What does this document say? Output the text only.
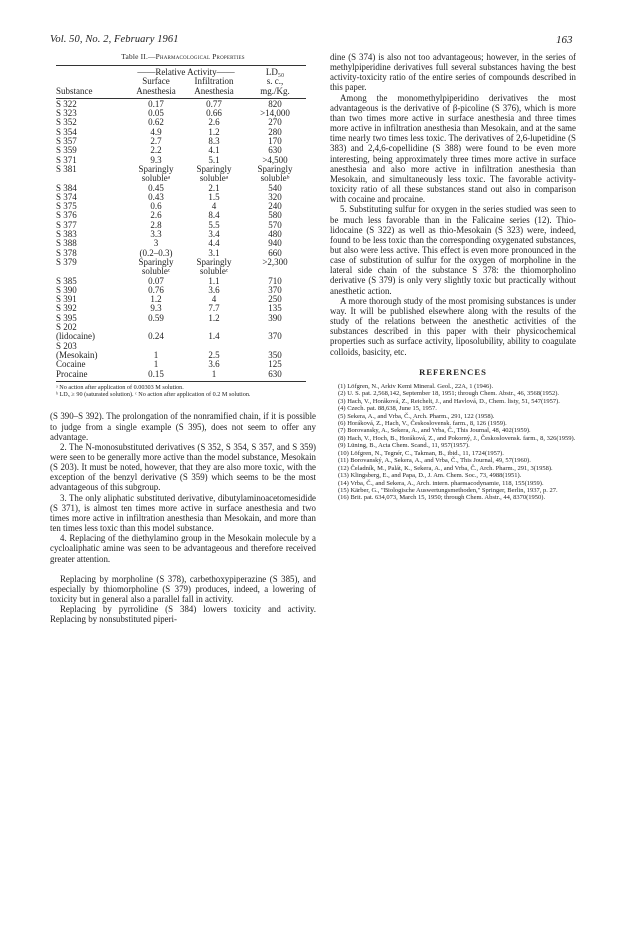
Vol. 50, No. 2, February 1961	163
Table II.—Pharmacological Properties
	——Relative Activity——		LD₅₀
	Surface	Infiltration	s. c.,
Substance	Anesthesia	Anesthesia	mg./Kg.
S 322	0.17	0.77	820
S 323	0.05	0.66	>14,000
S 352	0.62	2.6	270
S 354	4.9	1.2	280
S 357	2.7	8.3	170
S 359	2.2	4.1	630
S 371	9.3	5.1	>4,500
S 381	Sparingly	Sparingly	Sparingly
	solubleᵃ	solubleᵃ	solubleᵇ
S 384	0.45	2.1	540
S 374	0.43	1.5	320
S 375	0.6	4	240
S 376	2.6	8.4	580
S 377	2.8	5.5	570
S 383	3.3	3.4	480
S 388	3	4.4	940
S 378	(0.2–0.3)	3.1	660
S 379	Sparingly	Sparingly	>2,300
	solubleᶜ	solubleᶜ	
S 385	0.07	1.1	710
S 390	0.76	3.6	370
S 391	1.2	4	250
S 392	9.3	7.7	135
S 395	0.59	1.2	390
S 202			
(lidocaine)	0.24	1.4	370
S 203			
(Mesokain)	1	2.5	350
Cocaine	1	3.6	125
Procaine	0.15	1	630
ᵃ No action after application of 0.00303 M solution.
ᵇ LD₅ ≥ 90 (saturated solution). ᶜ No action after application of 0.2 M solution.

(S 390–S 392). The prolongation of the nonramified chain, if it is possible to judge from a single example (S 395), does not seem to offer any advantage.

2. The N-monosubstituted derivatives (S 352, S 354, S 357, and S 359) were seen to be generally more active than the model substance, Mesokain (S 203). It must be noted, however, that they are also more toxic, with the exception of the benzyl derivative (S 359) which seems to be the most advantageous of this subgroup.

3. The only aliphatic substituted derivative, dibutylaminoacetomesidide (S 371), is almost ten times more active in surface anesthesia and two times more active in infiltration anesthesia than Mesokain, and more than ten times less toxic than this model substance.

4. Replacing of the diethylamino group in the Mesokain molecule by a cycloaliphatic amine was seen to be advantageous and therefore received greater attention.

Replacing by morpholine (S 378), carbethoxypiperazine (S 385), and especially by thiomorpholine (S 379) produces, indeed, a lowering of toxicity but in general also a parallel fall in activity.

Replacing by pyrrolidine (S 384) lowers toxicity and activity. Replacing by nonsubstituted piperi-

dine (S 374) is also not too advantageous; however, in the series of methylpiperidine derivatives full several substances having the best activity-toxicity ratio of the entire series of compounds described in this paper.

Among the monomethylpiperidino derivatives the most advantageous is the derivative of β-picoline (S 376), which is more than two times more active in surface anesthesia and three times more active in infiltration anesthesia than Mesokain, and at the same time nearly two times less toxic. The derivatives of 2,6-lupetidine (S 383) and 2,4,6-copellidine (S 388) were found to be even more interesting, being approximately three times more active in surface anesthesia and also more active in infiltration anesthesia than Mesokain, and simultaneously less toxic. The favorable activity-toxicity ratio of all these substances stand out also in comparison with cocaine and procaine.

5. Substituting sulfur for oxygen in the series studied was seen to be much less favorable than in the Falicaine series (12). Thio-lidocaine (S 322) as well as thio-Mesokain (S 323) were, indeed, found to be less toxic than the corresponding oxygenated substances, but also were less active. This effect is even more pronounced in the case of substitution of sulfur for the oxygen of morpholine in the lateral side chain of the substance S 378: the thiomorpholino derivative (S 379) is only very slightly toxic but practically without anesthetic action.

A more thorough study of the most promising substances is under way. It will be published elsewhere along with the results of the study of the relations between the anesthetic activities of the substances described in this paper with their physicochemical properties such as surface activity, liposolubility, ability to coagulate colloids, basicity, etc.

REFERENCES

(1) Löfgren, N., Arkiv Kemi Mineral. Geol., 22A, 1 (1946).

(2) U. S. pat. 2,568,142, September 18, 1951; through Chem. Abstr., 46, 3568(1952).

(3) Hach, V., Horáková, Z., Reichelt, J., and Havlová, D., Chem. listy, 51, 547(1957).

(4) Czech. pat. 88,638, June 15, 1957.

(5) Sekera, A., and Vrba, Č., Arch. Pharm., 291, 122 (1958).

(6) Horáková, Z., Hach, V., Československ. farm., 8, 126 (1959).

(7) Borovansky, A., Sekera, A., and Vrba, Č., This Journal, 48, 402(1959).

(8) Hach, V., Hoch, B., Horáková, Z., and Pokorný, J., Československ. farm., 8, 326(1959).

(9) Lüning, B., Acta Chem. Scand., 11, 957(1957).

(10) Löfgren, N., Tegnér, C., Takman, B., ibid., 11, 1724(1957).

(11) Borovanský, A., Sekera, A., and Vrba, Č., This Journal, 49, 57(1960).

(12) Čeladník, M., Palát, K., Sekera, A., and Vrba, Č., Arch. Pharm., 291, 3(1958).

(13) Klingsberg, E., and Papa, D., J. Am. Chem. Soc., 73, 4988(1951).

(14) Vrba, Č., and Sekera, A., Arch. intern. pharmacodynamie, 118, 155(1959).

(15) Kärber, G., "Biologische Auswertungsmethoden," Springer, Berlin, 1937, p. 27.

(16) Brit. pat. 634,073, March 15, 1950; through Chem. Abstr., 44, 8370(1950).
